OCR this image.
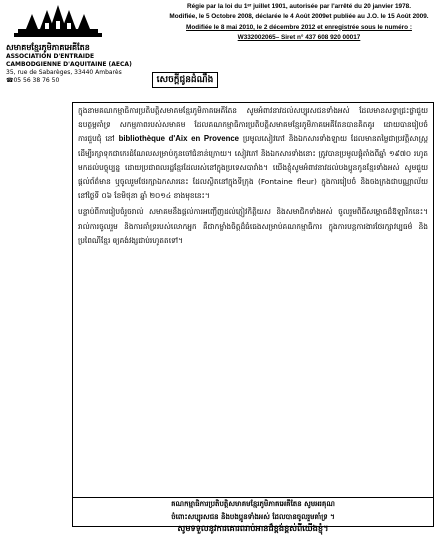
សមាគមខ្មែរភូមិភាគអេគីតែន
ASSOCIATION D'ENTRAIDE
CAMBODGIENNE D'AQUITAINE (AECA)
35, rue de Sabarèges, 33440 Ambarès
☎05 56 38 76 50
Régie par la loi du 1ᵉʳ juillet 1901, autorisée par l'arrêté du 20 janvier 1978.
Modifiée, le 5 Octobre 2008, déclarée le 4 Août 2009et publiée au J.O. le 15 Août 2009.
Modifiée le 8 mai 2010, le 2 décembre 2012 et enregistrée sous le numéro :
W332002065– Siret n° 437 608 920 00017
សេចក្តីជូនដំណឹង

ក្នុងនាមគណកម្មាធិការប្រតិបត្តិសមាគមខ្មែរភូមិភាគអេគីតែន សូមអំពាវនាវដល់សប្បុរសជនទាំងអស់ ដែលមានសទ្ធាជ្រះថ្លាជួយឧបត្ថម្ភគាំទ្រ សកម្មភាពរបស់សមាគម ដែលគណកម្មាធិការប្រតិបត្តិសមាគមខ្មែរភូមិភាគអេគីតែនបានគិតគូរ ដោយបានរៀបចំការជួបជុំ នៅ bibliothèque d'Aix en Provence ប្រមូលសៀវភៅ និងឯកសារទាំងឡាយ ដែលមានតម្លៃជាប្រវត្តិសាស្ត្រ ដើម្បីរក្សាទុកជាកេរដំណែលសម្រាប់កូនចៅជំនាន់ក្រោយ។ សៀវភៅ និងឯកសារទាំងនោះ ត្រូវបានប្រមូលផ្តុំតាំងពីឆ្នាំ ១៩៧០ រហូតមកដល់បច្ចុប្បន្ន ដោយប្រជាពលរដ្ឋខ្មែរដែលរស់នៅក្នុងប្រទេសបារាំង។ យើងខ្ញុំសូមអំពាវនាវដល់បងប្អូនកូនខ្មែរទាំងអស់ សូមជួយផ្តល់ព័ត៌មាន ឬចូលរួមថែរក្សាឯកសារនេះ ដែលស្ថិតនៅក្នុងទីក្រុង (Fontaine fleur) ក្នុងការរៀបចំ និងចងក្រងជាបណ្ណាល័យ នៅថ្ងៃទី ០៦ ខែមិថុនា ឆ្នាំ ២០១៤ ខាងមុខនេះ។

បន្ទាប់ពីការរៀបចំរួចរាល់ សមាគមនឹងផ្តល់ការអញ្ជើញដល់ភ្ញៀវកិត្តិយស និងសមាជិកទាំងអស់ ចូលរួមពិធីសម្ពោធដ៏ឱឡារិកនេះ។ រាល់ការចូលរួម និងការគាំទ្ររបស់លោកអ្នក គឺជាកម្លាំងចិត្តដ៏ធំធេងសម្រាប់គណកម្មាធិការ ក្នុងការបន្តការងារថែរក្សាវប្បធម៌ និងប្រពៃណីខ្មែរ ឲ្យគង់វង្សជាប់រហូតតទៅ។

គណកម្មាធិការប្រតិបត្តិសមាគមខ្មែរភូមិភាគអេគីតែន សូមអរគុណ
ចំពោះសប្បុរសជន និងបងប្អូនទាំងអស់ ដែលបានចូលរួមគាំទ្រ ។
សូមទទួលនូវការគោរពរាប់អានដ៏ខ្ពង់ខ្ពស់ពីយើងខ្ញុំ។
